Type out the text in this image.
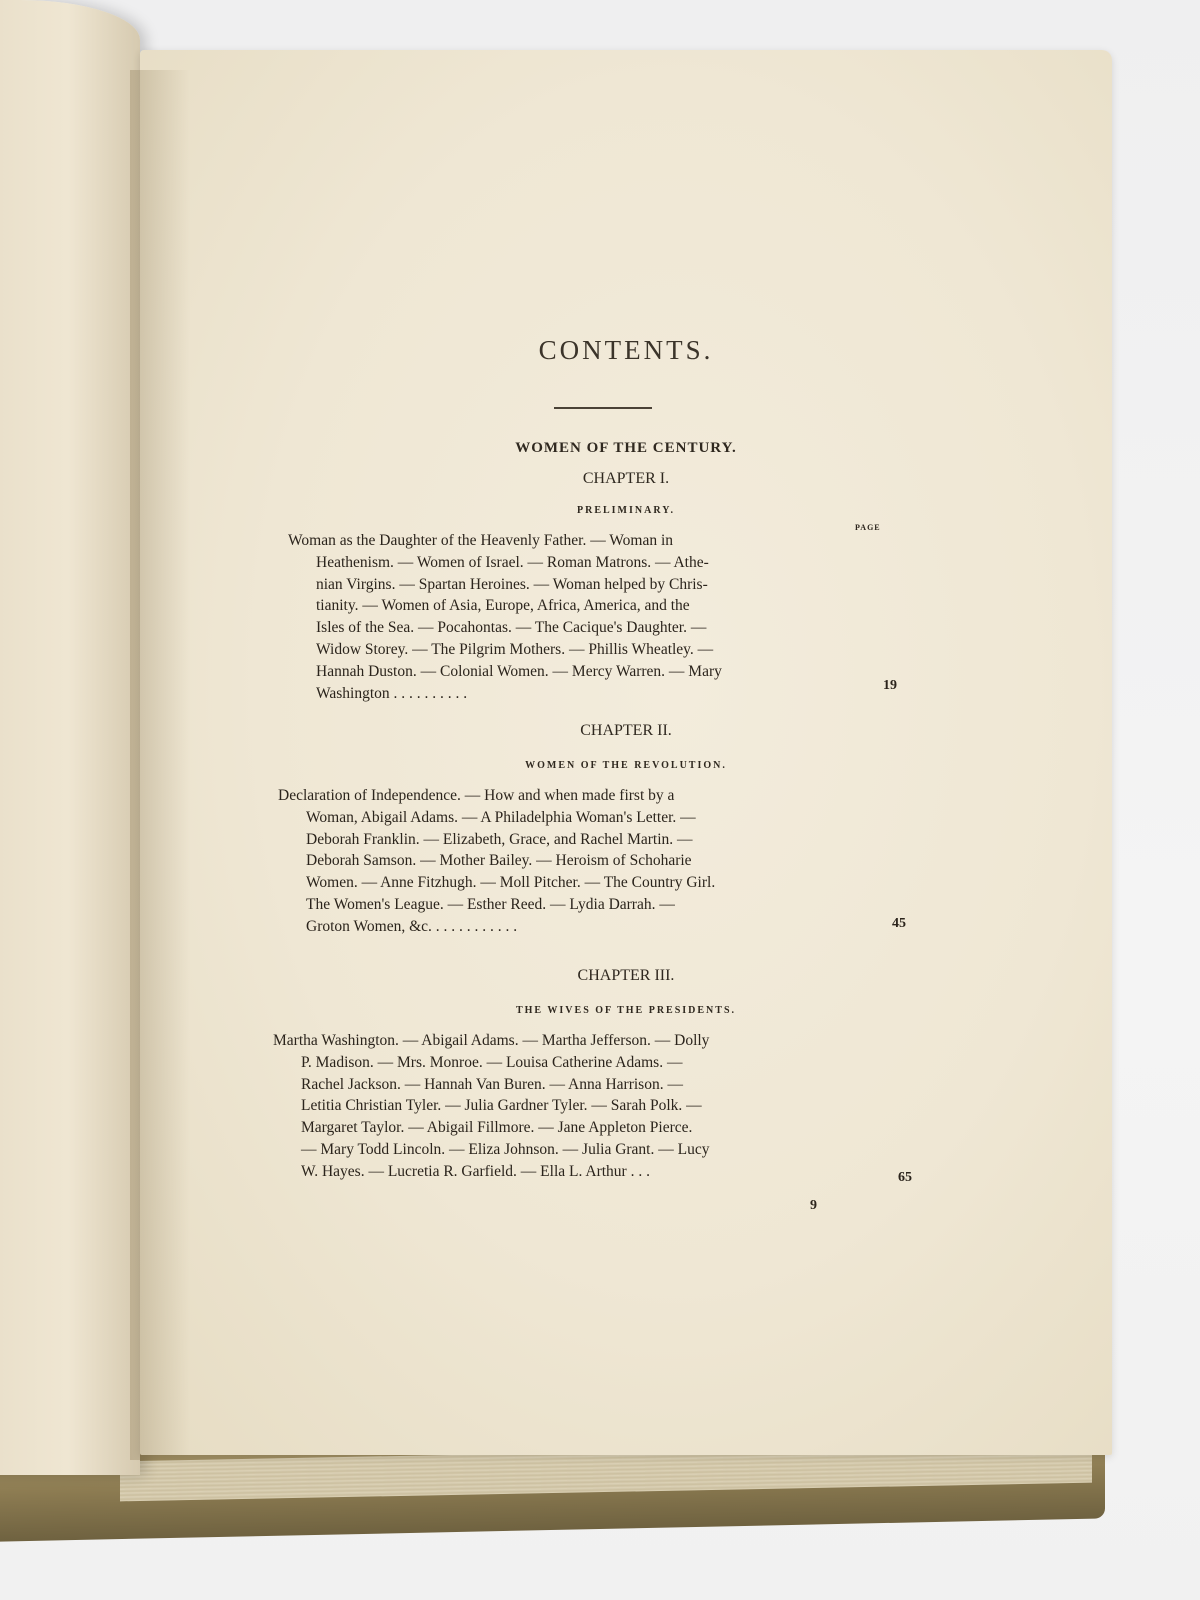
CONTENTS.
WOMEN OF THE CENTURY.
CHAPTER I.
PRELIMINARY.
PAGE
Woman as the Daughter of the Heavenly Father. — Woman in
Heathenism. — Women of Israel. — Roman Matrons. — Athe-
nian Virgins. — Spartan Heroines. — Woman helped by Chris-
tianity. — Women of Asia, Europe, Africa, America, and the
Isles of the Sea. — Pocahontas. — The Cacique's Daughter. —
Widow Storey. — The Pilgrim Mothers. — Phillis Wheatley. —
Hannah Duston. — Colonial Women. — Mercy Warren. — Mary
Washington . . . . . . . . . .	19
CHAPTER II.
WOMEN OF THE REVOLUTION.
Declaration of Independence. — How and when made first by a
Woman, Abigail Adams. — A Philadelphia Woman's Letter. —
Deborah Franklin. — Elizabeth, Grace, and Rachel Martin. —
Deborah Samson. — Mother Bailey. — Heroism of Schoharie
Women. — Anne Fitzhugh. — Moll Pitcher. — The Country Girl.
The Women's League. — Esther Reed. — Lydia Darrah. —
Groton Women, &c. . . . . . . . . . . .	45
CHAPTER III.
THE WIVES OF THE PRESIDENTS.
Martha Washington. — Abigail Adams. — Martha Jefferson. — Dolly
P. Madison. — Mrs. Monroe. — Louisa Catherine Adams. —
Rachel Jackson. — Hannah Van Buren. — Anna Harrison. —
Letitia Christian Tyler. — Julia Gardner Tyler. — Sarah Polk. —
Margaret Taylor. — Abigail Fillmore. — Jane Appleton Pierce.
— Mary Todd Lincoln. — Eliza Johnson. — Julia Grant. — Lucy
W. Hayes. — Lucretia R. Garfield. — Ella L. Arthur . . .	65
9
